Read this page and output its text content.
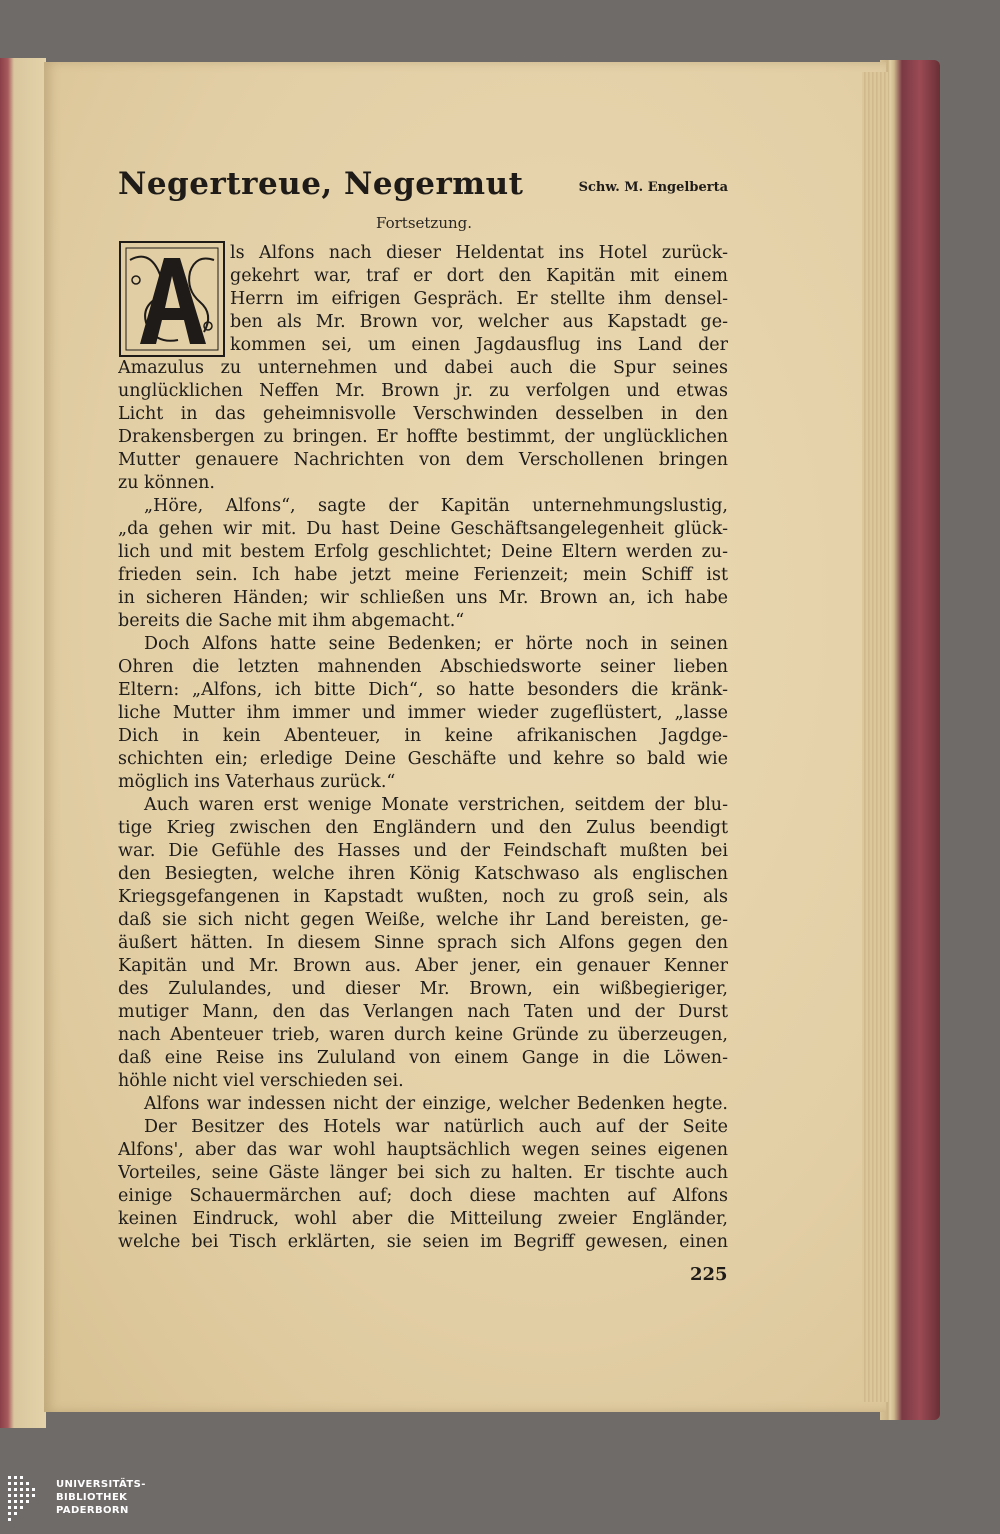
Negertreue, Negermut	Schw. M. Engelberta
Fortsetzung.
ls Alfons nach dieser Heldentat ins Hotel zurück-
gekehrt war, traf er dort den Kapitän mit einem
Herrn im eifrigen Gespräch. Er stellte ihm densel-
ben als Mr. Brown vor, welcher aus Kapstadt ge-
kommen sei, um einen Jagdausflug ins Land der
Amazulus zu unternehmen und dabei auch die Spur seines
unglücklichen Neffen Mr. Brown jr. zu verfolgen und etwas
Licht in das geheimnisvolle Verschwinden desselben in den
Drakensbergen zu bringen. Er hoffte bestimmt, der unglücklichen
Mutter genauere Nachrichten von dem Verschollenen bringen
zu können.
„Höre, Alfons“, sagte der Kapitän unternehmungslustig,
„da gehen wir mit. Du hast Deine Geschäftsangelegenheit glück-
lich und mit bestem Erfolg geschlichtet; Deine Eltern werden zu-
frieden sein. Ich habe jetzt meine Ferienzeit; mein Schiff ist
in sicheren Händen; wir schließen uns Mr. Brown an, ich habe
bereits die Sache mit ihm abgemacht.“
Doch Alfons hatte seine Bedenken; er hörte noch in seinen
Ohren die letzten mahnenden Abschiedsworte seiner lieben
Eltern: „Alfons, ich bitte Dich“, so hatte besonders die kränk-
liche Mutter ihm immer und immer wieder zugeflüstert, „lasse
Dich in kein Abenteuer, in keine afrikanischen Jagdge-
schichten ein; erledige Deine Geschäfte und kehre so bald wie
möglich ins Vaterhaus zurück.“
Auch waren erst wenige Monate verstrichen, seitdem der blu-
tige Krieg zwischen den Engländern und den Zulus beendigt
war. Die Gefühle des Hasses und der Feindschaft mußten bei
den Besiegten, welche ihren König Katschwaso als englischen
Kriegsgefangenen in Kapstadt wußten, noch zu groß sein, als
daß sie sich nicht gegen Weiße, welche ihr Land bereisten, ge-
äußert hätten. In diesem Sinne sprach sich Alfons gegen den
Kapitän und Mr. Brown aus. Aber jener, ein genauer Kenner
des Zululandes, und dieser Mr. Brown, ein wißbegieriger,
mutiger Mann, den das Verlangen nach Taten und der Durst
nach Abenteuer trieb, waren durch keine Gründe zu überzeugen,
daß eine Reise ins Zululand von einem Gange in die Löwen-
höhle nicht viel verschieden sei.
Alfons war indessen nicht der einzige, welcher Bedenken hegte.
Der Besitzer des Hotels war natürlich auch auf der Seite
Alfons', aber das war wohl hauptsächlich wegen seines eigenen
Vorteiles, seine Gäste länger bei sich zu halten. Er tischte auch
einige Schauermärchen auf; doch diese machten auf Alfons
keinen Eindruck, wohl aber die Mitteilung zweier Engländer,
welche bei Tisch erklärten, sie seien im Begriff gewesen, einen
225
UNIVERSITÄTS-
BIBLIOTHEK
PADERBORN
